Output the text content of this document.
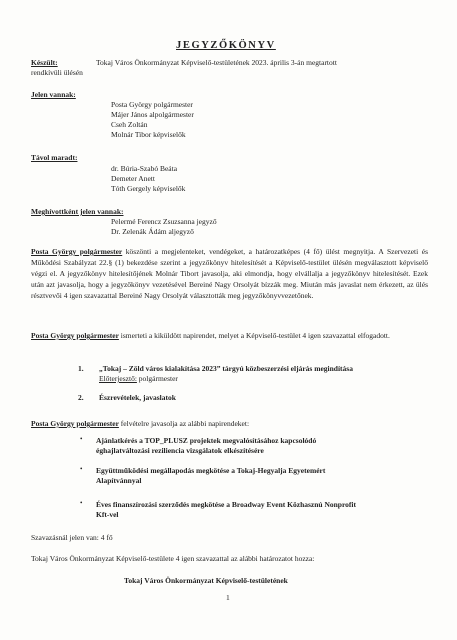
JEGYZŐKÖNYV
Készült:	Tokaj Város Önkormányzat Képviselő-testületének 2023. április 3-án megtartott
rendkívüli ülésén
Jelen vannak:
Posta György polgármester
Májer János alpolgármester
Cseh Zoltán
Molnár Tibor képviselők
Távol maradt:
dr. Búria-Szabó Beáta
Demeter Anett
Tóth Gergely képviselők
Meghívottként jelen vannak:
Pelermé Ferencz Zsuzsanna jegyző
Dr. Zelenák Ádám aljegyző
Posta György polgármester köszönti a megjelenteket, vendégeket, a határozatképes (4 fő) ülést megnyitja. A Szervezeti és Működési Szabályzat 22.§ (1) bekezdése szerint a jegyzőkönyv hitelesítését a Képviselő-testület ülésén megválasztott képviselő végzi el. A jegyzőkönyv hitelesítőjének Molnár Tibort javasolja, aki elmondja, hogy elvállalja a jegyzőkönyv hitelesítését. Ezek után azt javasolja, hogy a jegyzőkönyv vezetésével Bereiné Nagy Orsolyát bízzák meg. Miután más javaslat nem érkezett, az ülés résztvevői 4 igen szavazattal Bereiné Nagy Orsolyát választották meg jegyzőkönyvvezetőnek.
Posta György polgármester ismerteti a kiküldött napirendet, melyet a Képviselő-testület 4 igen szavazattal elfogadott.
1. „Tokaj – Zöld város kialakítása 2023” tárgyú közbeszerzési eljárás megindítása
Előterjesztő: polgármester
2. Észrevételek, javaslatok
Posta György polgármester felvételre javasolja az alábbi napirendeket:
• Ajánlatkérés a TOP_PLUSZ projektek megvalósításához kapcsolódó
éghajlatváltozási reziliencia vizsgálatok elkészítésére
• Együttműködési megállapodás megkötése a Tokaj-Hegyalja Egyetemért
Alapítvánnyal
• Éves finanszírozási szerződés megkötése a Broadway Event Közhasznú Nonprofit
Kft-vel
Szavazásnál jelen van: 4 fő
Tokaj Város Önkormányzat Képviselő-testülete 4 igen szavazattal az alábbi határozatot hozza:
Tokaj Város Önkormányzat Képviselő-testületének
1
